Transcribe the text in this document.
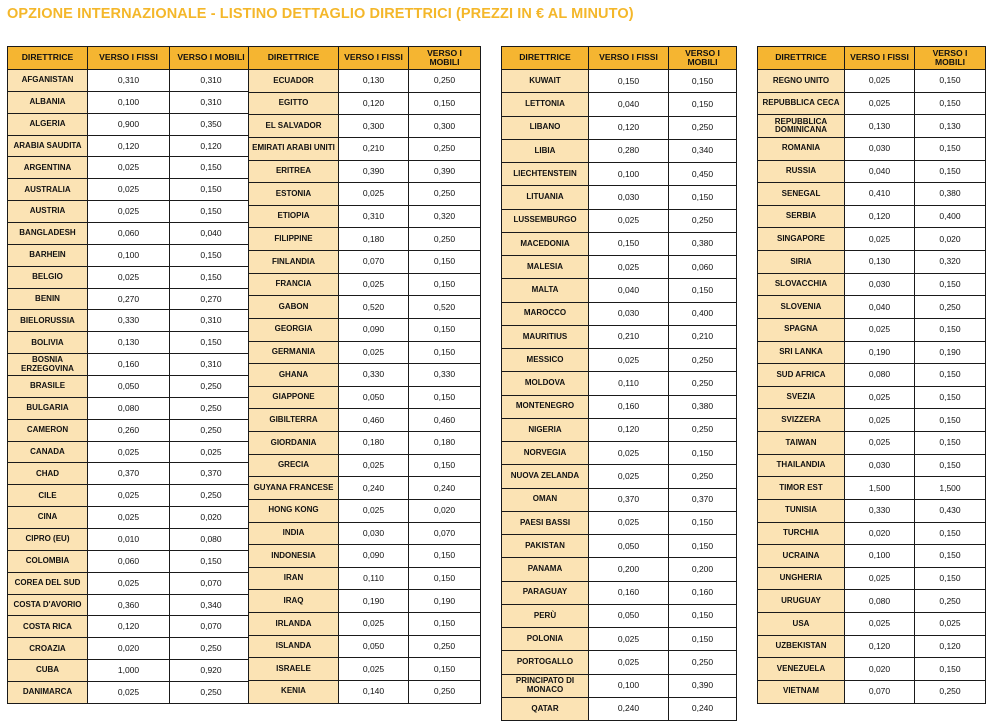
OPZIONE INTERNAZIONALE - LISTINO DETTAGLIO DIRETTRICI (PREZZI IN € AL MINUTO)
DIRETTRICE	VERSO I FISSI	VERSO I MOBILI
AFGANISTAN	0,310	0,310
ALBANIA	0,100	0,310
ALGERIA	0,900	0,350
ARABIA SAUDITA	0,120	0,120
ARGENTINA	0,025	0,150
AUSTRALIA	0,025	0,150
AUSTRIA	0,025	0,150
BANGLADESH	0,060	0,040
BARHEIN	0,100	0,150
BELGIO	0,025	0,150
BENIN	0,270	0,270
BIELORUSSIA	0,330	0,310
BOLIVIA	0,130	0,150
BOSNIA ERZEGOVINA	0,160	0,310
BRASILE	0,050	0,250
BULGARIA	0,080	0,250
CAMERON	0,260	0,250
CANADA	0,025	0,025
CHAD	0,370	0,370
CILE	0,025	0,250
CINA	0,025	0,020
CIPRO (EU)	0,010	0,080
COLOMBIA	0,060	0,150
COREA DEL SUD	0,025	0,070
COSTA D'AVORIO	0,360	0,340
COSTA RICA	0,120	0,070
CROAZIA	0,020	0,250
CUBA	1,000	0,920
DANIMARCA	0,025	0,250
DIRETTRICE	VERSO I FISSI	VERSO I MOBILI
ECUADOR	0,130	0,250
EGITTO	0,120	0,150
EL SALVADOR	0,300	0,300
EMIRATI ARABI UNITI	0,210	0,250
ERITREA	0,390	0,390
ESTONIA	0,025	0,250
ETIOPIA	0,310	0,320
FILIPPINE	0,180	0,250
FINLANDIA	0,070	0,150
FRANCIA	0,025	0,150
GABON	0,520	0,520
GEORGIA	0,090	0,150
GERMANIA	0,025	0,150
GHANA	0,330	0,330
GIAPPONE	0,050	0,150
GIBILTERRA	0,460	0,460
GIORDANIA	0,180	0,180
GRECIA	0,025	0,150
GUYANA FRANCESE	0,240	0,240
HONG KONG	0,025	0,020
INDIA	0,030	0,070
INDONESIA	0,090	0,150
IRAN	0,110	0,150
IRAQ	0,190	0,190
IRLANDA	0,025	0,150
ISLANDA	0,050	0,250
ISRAELE	0,025	0,150
KENIA	0,140	0,250
DIRETTRICE	VERSO I FISSI	VERSO I MOBILI
KUWAIT	0,150	0,150
LETTONIA	0,040	0,150
LIBANO	0,120	0,250
LIBIA	0,280	0,340
LIECHTENSTEIN	0,100	0,450
LITUANIA	0,030	0,150
LUSSEMBURGO	0,025	0,250
MACEDONIA	0,150	0,380
MALESIA	0,025	0,060
MALTA	0,040	0,150
MAROCCO	0,030	0,400
MAURITIUS	0,210	0,210
MESSICO	0,025	0,250
MOLDOVA	0,110	0,250
MONTENEGRO	0,160	0,380
NIGERIA	0,120	0,250
NORVEGIA	0,025	0,150
NUOVA ZELANDA	0,025	0,250
OMAN	0,370	0,370
PAESI BASSI	0,025	0,150
PAKISTAN	0,050	0,150
PANAMA	0,200	0,200
PARAGUAY	0,160	0,160
PERÙ	0,050	0,150
POLONIA	0,025	0,150
PORTOGALLO	0,025	0,250
PRINCIPATO DI MONACO	0,100	0,390
QATAR	0,240	0,240
DIRETTRICE	VERSO I FISSI	VERSO I MOBILI
REGNO UNITO	0,025	0,150
REPUBBLICA CECA	0,025	0,150
REPUBBLICA DOMINICANA	0,130	0,130
ROMANIA	0,030	0,150
RUSSIA	0,040	0,150
SENEGAL	0,410	0,380
SERBIA	0,120	0,400
SINGAPORE	0,025	0,020
SIRIA	0,130	0,320
SLOVACCHIA	0,030	0,150
SLOVENIA	0,040	0,250
SPAGNA	0,025	0,150
SRI LANKA	0,190	0,190
SUD AFRICA	0,080	0,150
SVEZIA	0,025	0,150
SVIZZERA	0,025	0,150
TAIWAN	0,025	0,150
THAILANDIA	0,030	0,150
TIMOR EST	1,500	1,500
TUNISIA	0,330	0,430
TURCHIA	0,020	0,150
UCRAINA	0,100	0,150
UNGHERIA	0,025	0,150
URUGUAY	0,080	0,250
USA	0,025	0,025
UZBEKISTAN	0,120	0,120
VENEZUELA	0,020	0,150
VIETNAM	0,070	0,250
